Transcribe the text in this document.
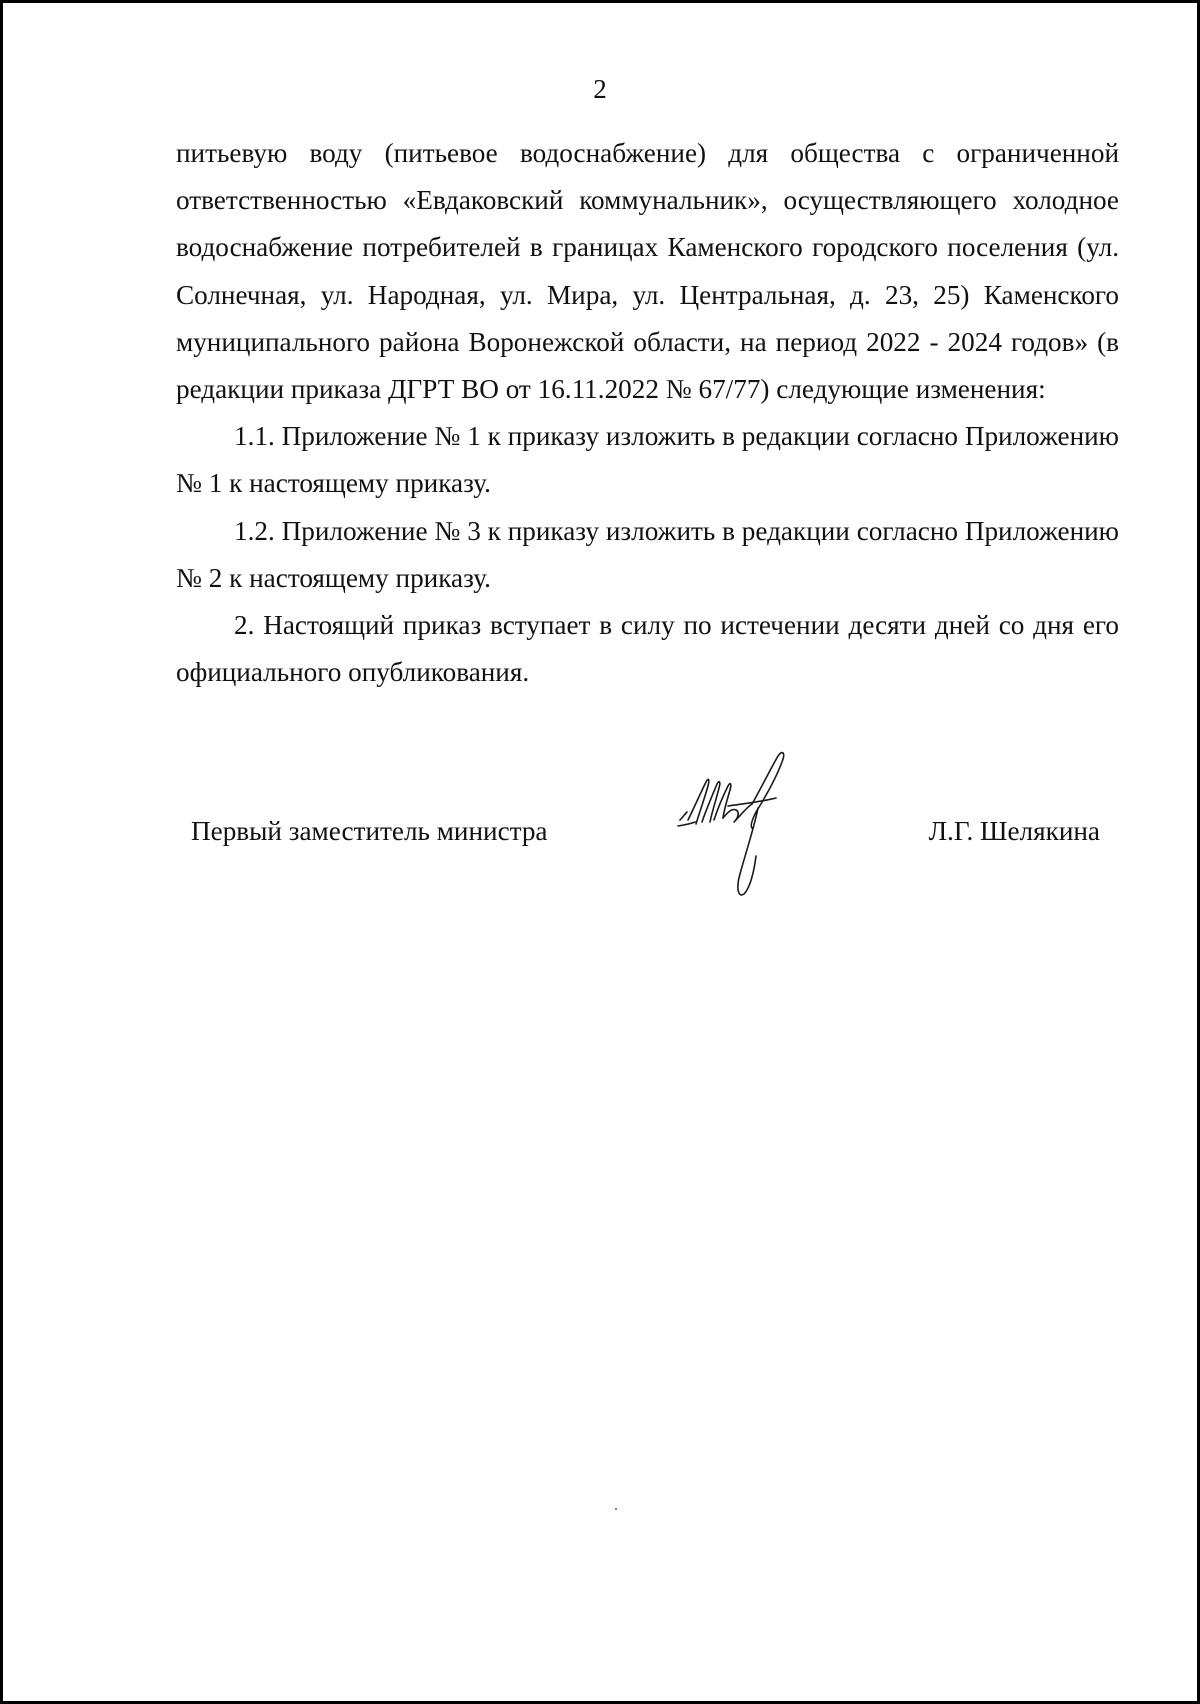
2

питьевую воду (питьевое водоснабжение) для общества с ограниченной ответственностью «Евдаковский коммунальник», осуществляющего холодное водоснабжение потребителей в границах Каменского городского поселения (ул. Солнечная, ул. Народная, ул. Мира, ул. Центральная, д. 23, 25) Каменского муниципального района Воронежской области, на период 2022 - 2024 годов» (в редакции приказа ДГРТ ВО от 16.11.2022 № 67/77) следующие изменения:

1.1. Приложение № 1 к приказу изложить в редакции согласно Приложению № 1 к настоящему приказу.

1.2. Приложение № 3 к приказу изложить в редакции согласно Приложению № 2 к настоящему приказу.

2. Настоящий приказ вступает в силу по истечении десяти дней со дня его официального опубликования.

Первый заместитель министра	Л.Г. Шелякина
